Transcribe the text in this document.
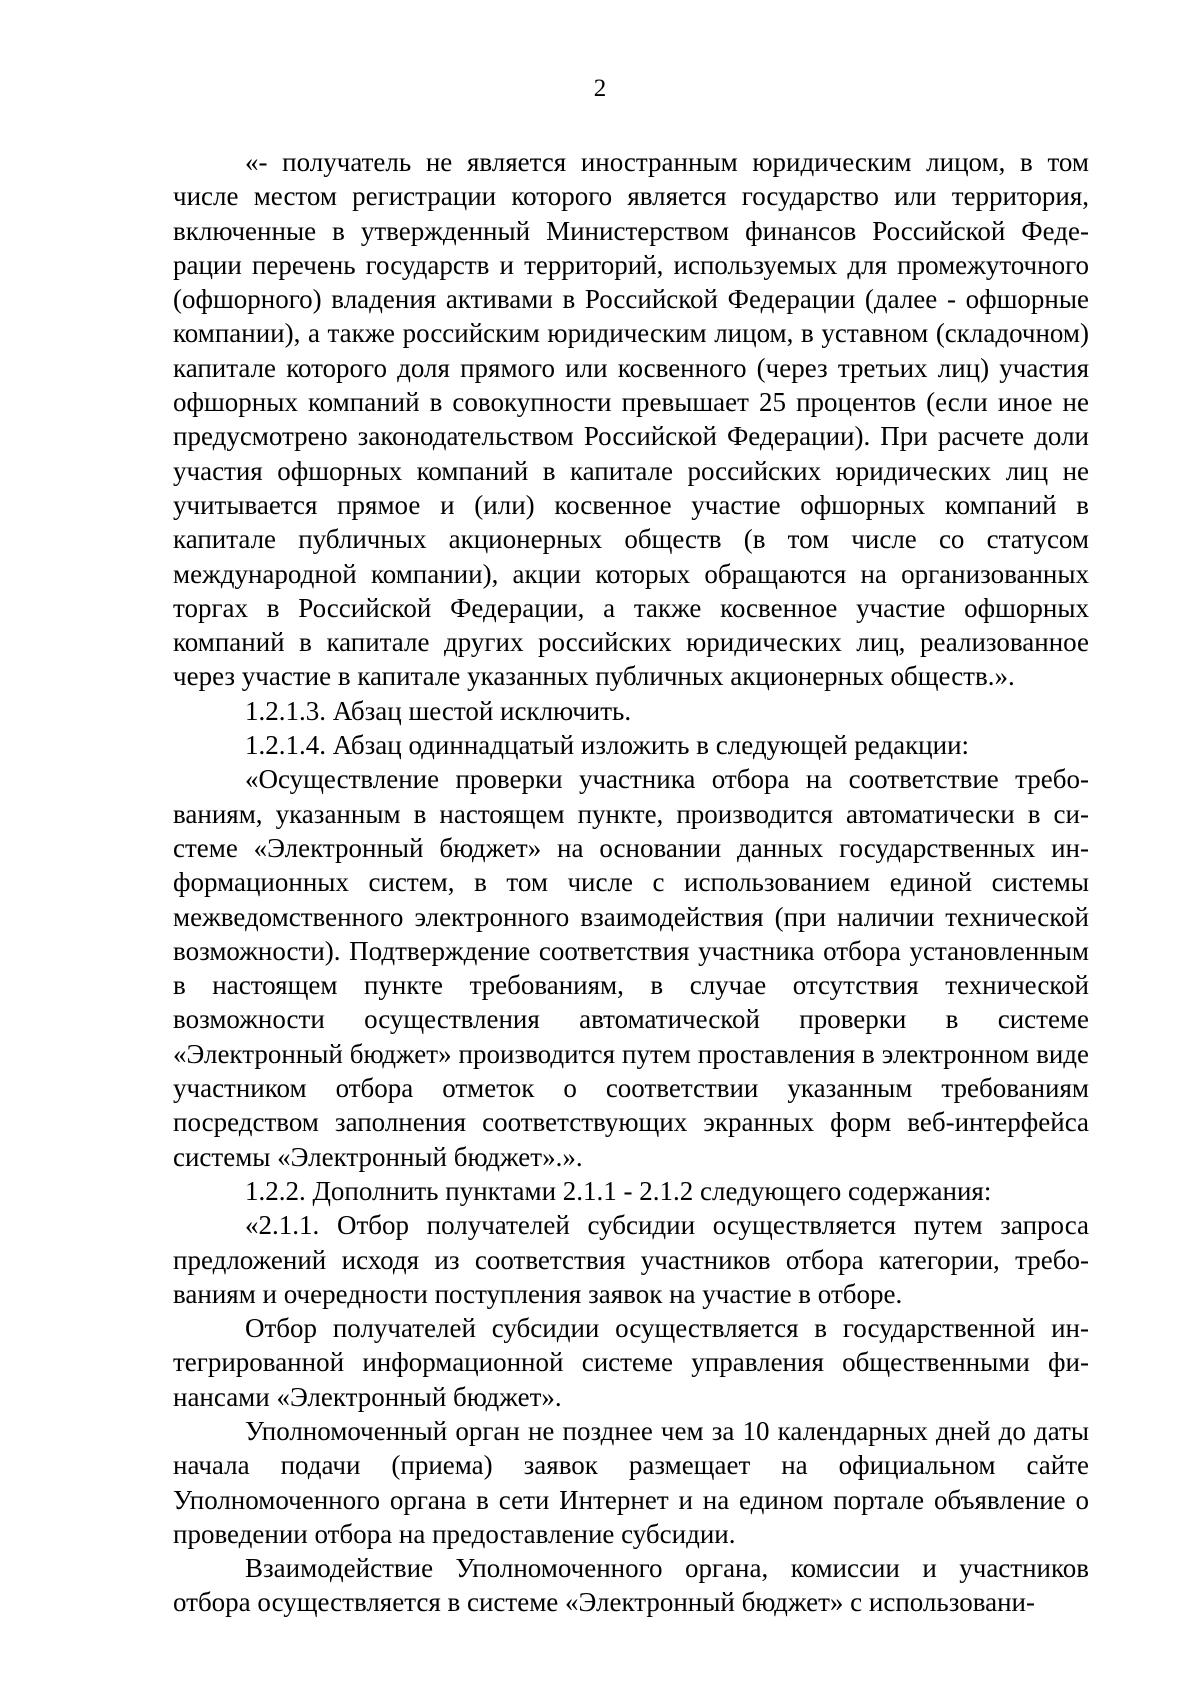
2

«- получатель не является иностранным юридическим лицом, в том числе местом регистрации которого является государство или территория, включенные в утвержденный Министерством финансов Российской Федерации перечень государств и территорий, используемых для промежуточного (офшорного) владения активами в Российской Федерации (далее - офшорные компании), а также российским юридическим лицом, в уставном (складочном) капитале которого доля прямого или косвенного (через третьих лиц) участия офшорных компаний в совокупности превышает 25 процентов (если иное не предусмотрено законодательством Российской Федерации). При расчете доли участия офшорных компаний в капитале российских юридических лиц не учитывается прямое и (или) косвенное участие офшорных компаний в капитале публичных акционерных обществ (в том числе со статусом международной компании), акции которых обращаются на организованных торгах в Российской Федерации, а также косвенное участие офшорных компаний в капитале других российских юридических лиц, реализованное через участие в капитале указанных публичных акционерных обществ.».

1.2.1.3. Абзац шестой исключить.

1.2.1.4. Абзац одиннадцатый изложить в следующей редакции:

«Осуществление проверки участника отбора на соответствие требованиям, указанным в настоящем пункте, производится автоматически в системе «Электронный бюджет» на основании данных государственных информационных систем, в том числе с использованием единой системы межведомственного электронного взаимодействия (при наличии технической возможности). Подтверждение соответствия участника отбора установленным в настоящем пункте требованиям, в случае отсутствия технической возможности осуществления автоматической проверки в системе «Электронный бюджет» производится путем проставления в электронном виде участником отбора отметок о соответствии указанным требованиям посредством заполнения соответствующих экранных форм веб-интерфейса системы «Электронный бюджет».».

1.2.2. Дополнить пунктами 2.1.1 - 2.1.2 следующего содержания:

«2.1.1. Отбор получателей субсидии осуществляется путем запроса предложений исходя из соответствия участников отбора категории, требованиям и очередности поступления заявок на участие в отборе.

Отбор получателей субсидии осуществляется в государственной интегрированной информационной системе управления общественными финансами «Электронный бюджет».

Уполномоченный орган не позднее чем за 10 календарных дней до даты начала подачи (приема) заявок размещает на официальном сайте Уполномоченного органа в сети Интернет и на едином портале объявление о проведении отбора на предоставление субсидии.

Взаимодействие Уполномоченного органа, комиссии и участников отбора осуществляется в системе «Электронный бюджет» с использовани-
